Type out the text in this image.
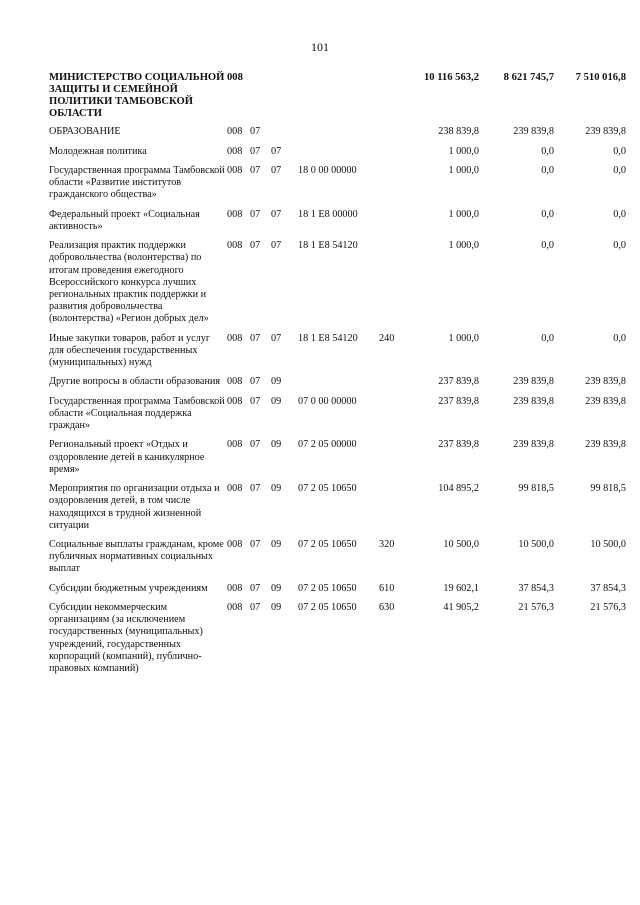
101
МИНИСТЕРСТВО СОЦИАЛЬНОЙ ЗАЩИТЫ И СЕМЕЙНОЙ ПОЛИТИКИ ТАМБОВСКОЙ ОБЛАСТИ	008					10 116 563,2	8 621 745,7	7 510 016,8
ОБРАЗОВАНИЕ	008	07				238 839,8	239 839,8	239 839,8
Молодежная политика	008	07	07			1 000,0	0,0	0,0
Государственная программа Тамбовской области «Развитие институтов гражданского общества»	008	07	07	18 0 00 00000		1 000,0	0,0	0,0
Федеральный проект «Социальная активность»	008	07	07	18 1 E8 00000		1 000,0	0,0	0,0
Реализация практик поддержки добровольчества (волонтерства) по итогам проведения ежегодного Всероссийского конкурса лучших региональных практик поддержки и развития добровольчества (волонтерства) «Регион добрых дел»	008	07	07	18 1 E8 54120		1 000,0	0,0	0,0
Иные закупки товаров, работ и услуг для обеспечения государственных (муниципальных) нужд	008	07	07	18 1 E8 54120	240	1 000,0	0,0	0,0
Другие вопросы в области образования	008	07	09			237 839,8	239 839,8	239 839,8
Государственная программа Тамбовской области «Социальная поддержка граждан»	008	07	09	07 0 00 00000		237 839,8	239 839,8	239 839,8
Региональный проект «Отдых и оздоровление детей в каникулярное время»	008	07	09	07 2 05 00000		237 839,8	239 839,8	239 839,8
Мероприятия по организации отдыха и оздоровления детей, в том числе находящихся в трудной жизненной ситуации	008	07	09	07 2 05 10650		104 895,2	99 818,5	99 818,5
Социальные выплаты гражданам, кроме публичных нормативных социальных выплат	008	07	09	07 2 05 10650	320	10 500,0	10 500,0	10 500,0
Субсидии бюджетным учреждениям	008	07	09	07 2 05 10650	610	19 602,1	37 854,3	37 854,3
Субсидии некоммерческим организациям (за исключением государственных (муниципальных) учреждений, государственных корпораций (компаний), публично-правовых компаний)	008	07	09	07 2 05 10650	630	41 905,2	21 576,3	21 576,3
